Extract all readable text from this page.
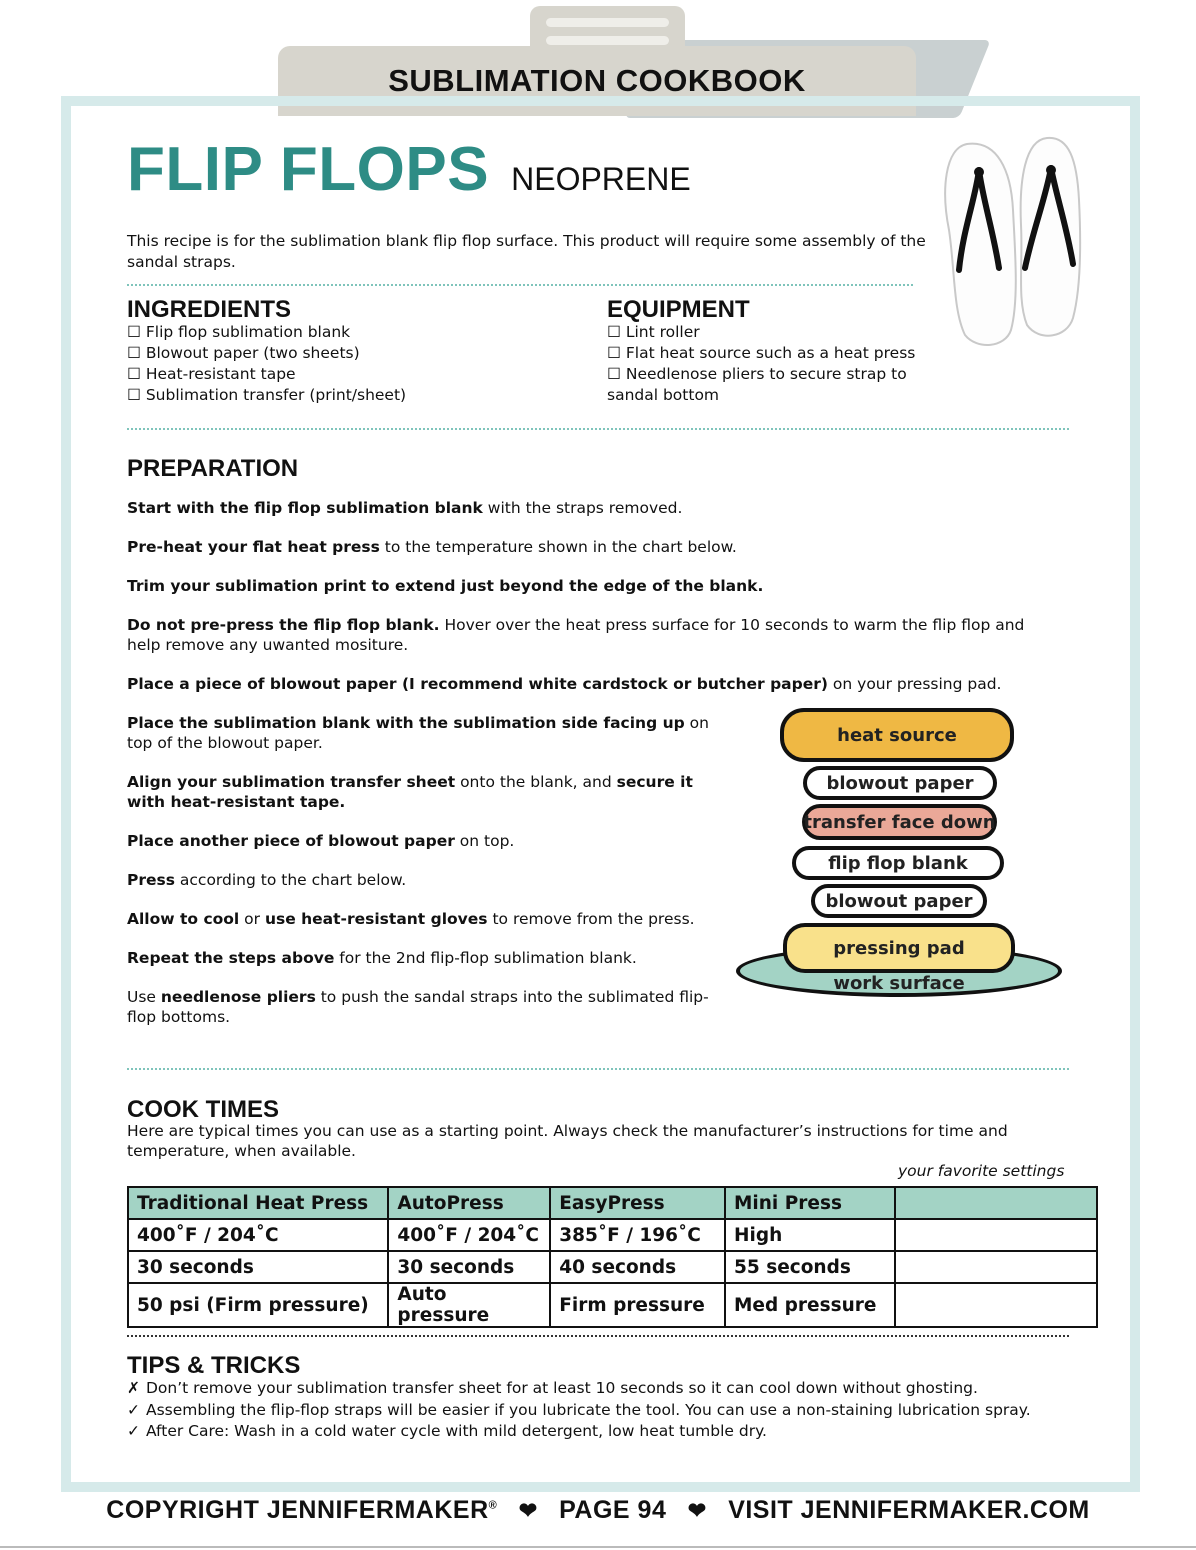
SUBLIMATION COOKBOOK
FLIP FLOPS NEOPRENE

This recipe is for the sublimation blank flip flop surface. This product will require some assembly of the sandal straps.

INGREDIENTS
☐ Flip flop sublimation blank
☐ Blowout paper (two sheets)
☐ Heat-resistant tape
☐ Sublimation transfer (print/sheet)
EQUIPMENT
☐ Lint roller
☐ Flat heat source such as a heat press
☐ Needlenose pliers to secure strap to sandal bottom
PREPARATION

Start with the flip flop sublimation blank with the straps removed.

Pre-heat your flat heat press to the temperature shown in the chart below.

Trim your sublimation print to extend just beyond the edge of the blank.

Do not pre-press the flip flop blank. Hover over the heat press surface for 10 seconds to warm the flip flop and help remove any uwanted mositure.

Place a piece of blowout paper (I recommend white cardstock or butcher paper) on your pressing pad.

Place the sublimation blank with the sublimation side facing up on top of the blowout paper.

Align your sublimation transfer sheet onto the blank, and secure it with heat-resistant tape.

Place another piece of blowout paper on top.

Press according to the chart below.

Allow to cool or use heat-resistant gloves to remove from the press.

Repeat the steps above for the 2nd flip-flop sublimation blank.

Use needlenose pliers to push the sandal straps into the sublimated flip-flop bottoms.

work surface
pressing pad
blowout paper
flip flop blank
transfer face down
blowout paper
heat source
COOK TIMES

Here are typical times you can use as a starting point. Always check the manufacturer’s instructions for time and temperature, when available.

your favorite settings
Traditional Heat Press	AutoPress	EasyPress	Mini Press	
400˚F / 204˚C	400˚F / 204˚C	385˚F / 196˚C	High	
30 seconds	30 seconds	40 seconds	55 seconds	
50 psi (Firm pressure)	Auto pressure	Firm pressure	Med pressure	
TIPS & TRICKS
✗ Don’t remove your sublimation transfer sheet for at least 10 seconds so it can cool down without ghosting.
✓ Assembling the flip-flop straps will be easier if you lubricate the tool. You can use a non-staining lubrication spray.
✓ After Care: Wash in a cold water cycle with mild detergent, low heat tumble dry.
COPYRIGHT JENNIFERMAKER® ❤ PAGE 94 ❤ VISIT JENNIFERMAKER.COM
